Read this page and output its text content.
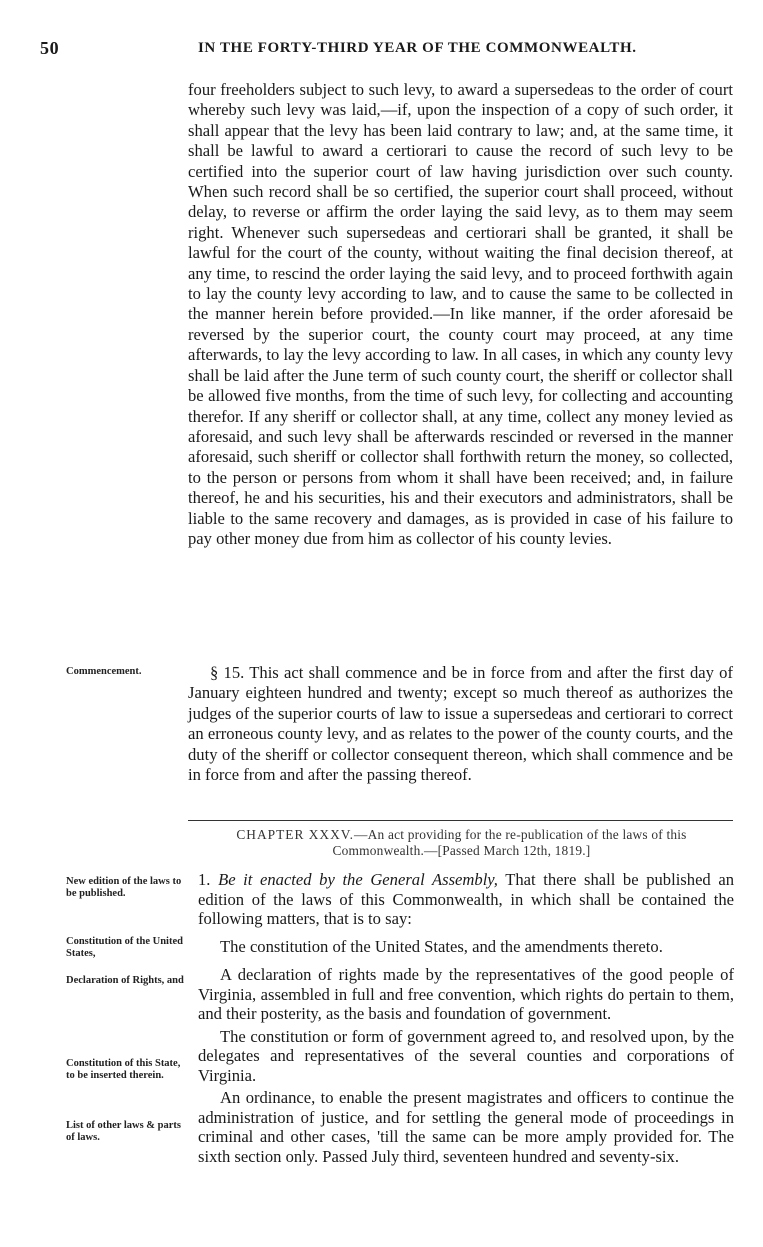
50	IN THE FORTY-THIRD YEAR OF THE COMMONWEALTH.

four freeholders subject to such levy, to award a supersedeas to the order of court whereby such levy was laid,—if, upon the inspection of a copy of such order, it shall appear that the levy has been laid contrary to law; and, at the same time, it shall be lawful to award a certiorari to cause the record of such levy to be certified into the superior court of law having jurisdiction over such county. When such record shall be so certified, the superior court shall proceed, without delay, to reverse or affirm the order laying the said levy, as to them may seem right. Whenever such supersedeas and certiorari shall be granted, it shall be lawful for the court of the county, without waiting the final decision thereof, at any time, to rescind the order laying the said levy, and to proceed forthwith again to lay the county levy according to law, and to cause the same to be collected in the manner herein before provided.—In like manner, if the order aforesaid be reversed by the superior court, the county court may proceed, at any time afterwards, to lay the levy according to law. In all cases, in which any county levy shall be laid after the June term of such county court, the sheriff or collector shall be allowed five months, from the time of such levy, for collecting and accounting therefor. If any sheriff or collector shall, at any time, collect any money levied as aforesaid, and such levy shall be afterwards rescinded or reversed in the manner aforesaid, such sheriff or collector shall forthwith return the money, so collected, to the person or persons from whom it shall have been received; and, in failure thereof, he and his securities, his and their executors and administrators, shall be liable to the same recovery and damages, as is provided in case of his failure to pay other money due from him as collector of his county levies.

Commencement.	§ 15. This act shall commence and be in force from and after the first day of January eighteen hundred and twenty; except so much thereof as authorizes the judges of the superior courts of law to issue a supersedeas and certiorari to correct an erroneous county levy, and as relates to the power of the county courts, and the duty of the sheriff or collector consequent thereon, which shall commence and be in force from and after the passing thereof.

CHAPTER XXXV.—An act providing for the re-publication of the laws of this Commonwealth.—[Passed March 12th, 1819.]
New edition of the laws to be published.
Constitution of the United States,
Declaration of Rights, and
Constitution of this State, to be inserted therein.
List of other laws & parts of laws.

1. Be it enacted by the General Assembly, That there shall be published an edition of the laws of this Commonwealth, in which shall be contained the following matters, that is to say:

The constitution of the United States, and the amendments thereto.

A declaration of rights made by the representatives of the good people of Virginia, assembled in full and free convention, which rights do pertain to them, and their posterity, as the basis and foundation of government.

The constitution or form of government agreed to, and resolved upon, by the delegates and representatives of the several counties and corporations of Virginia.

An ordinance, to enable the present magistrates and officers to continue the administration of justice, and for settling the general mode of proceedings in criminal and other cases, 'till the same can be more amply provided for. The sixth section only. Passed July third, seventeen hundred and seventy-six.
